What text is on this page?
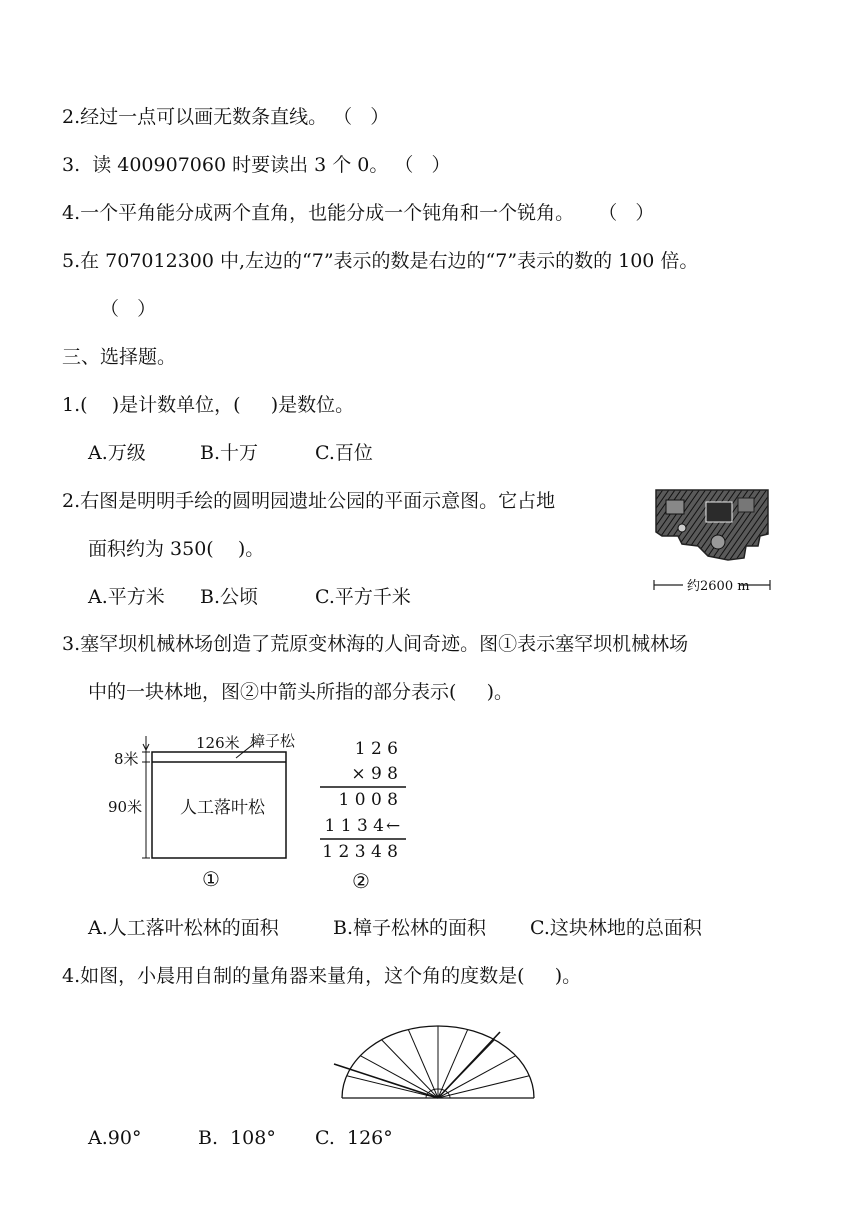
2.经过一点可以画无数条直线。 （   ）
3.  读 400907060 时要读出 3 个 0。 （   ）
4.一个平角能分成两个直角，也能分成一个钝角和一个锐角。    （   ）
5.在 707012300 中,左边的“7”表示的数是右边的“7”表示的数的 100 倍。
（   ）
三、选择题。
1.(    )是计数单位，(     )是数位。
A.万级	B.十万	C.百位
2.右图是明明手绘的圆明园遗址公园的平面示意图。它占地
面积约为 350(    )。
A.平方米 B.公顷	C.平方千米	约2600 m
3.塞罕坝机械林场创造了荒原变林海的人间奇迹。图①表示塞罕坝机械林场
中的一块林地，图②中箭头所指的部分表示(     )。
126米 樟子松
8米
90米 人工落叶松
①
1 2 6
× 9 8
1 0 0 8
1 1 3 4 ←
1 2 3 4 8
②
A.人工落叶松林的面积	B.樟子松林的面积 C.这块林地的总面积
4.如图，小晨用自制的量角器来量角，这个角的度数是(     )。
A.90°	B.  108° C.  126°
